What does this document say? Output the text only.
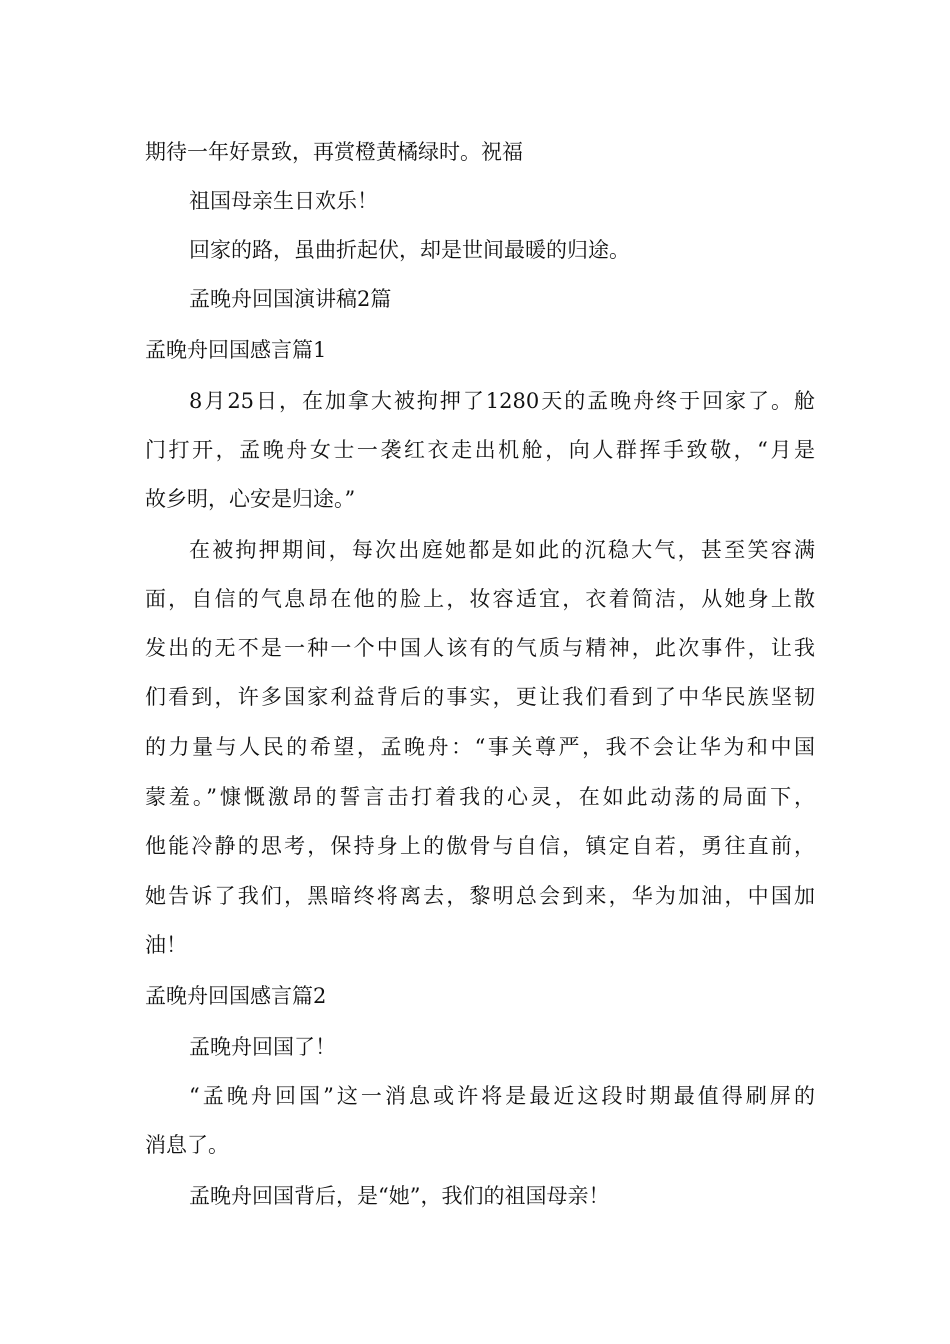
期待一年好景致，再赏橙黄橘绿时。祝福
祖国母亲生日欢乐！
回家的路，虽曲折起伏，却是世间最暖的归途。
孟晚舟回国演讲稿2篇
孟晚舟回国感言篇1
8月25日，在加拿大被拘押了1280天的孟晚舟终于回家了。舱
门打开，孟晚舟女士一袭红衣走出机舱，向人群挥手致敬，“月是
故乡明，心安是归途。”
在被拘押期间，每次出庭她都是如此的沉稳大气，甚至笑容满
面，自信的气息昂在他的脸上，妆容适宜，衣着简洁，从她身上散
发出的无不是一种一个中国人该有的气质与精神，此次事件，让我
们看到，许多国家利益背后的事实，更让我们看到了中华民族坚韧
的力量与人民的希望，孟晚舟：“事关尊严，我不会让华为和中国
蒙羞。”慷慨激昂的誓言击打着我的心灵，在如此动荡的局面下，
他能冷静的思考，保持身上的傲骨与自信，镇定自若，勇往直前，
她告诉了我们，黑暗终将离去，黎明总会到来，华为加油，中国加
油！
孟晚舟回国感言篇2
孟晚舟回国了！
“孟晚舟回国”这一消息或许将是最近这段时期最值得刷屏的
消息了。
孟晚舟回国背后，是“她”，我们的祖国母亲！
